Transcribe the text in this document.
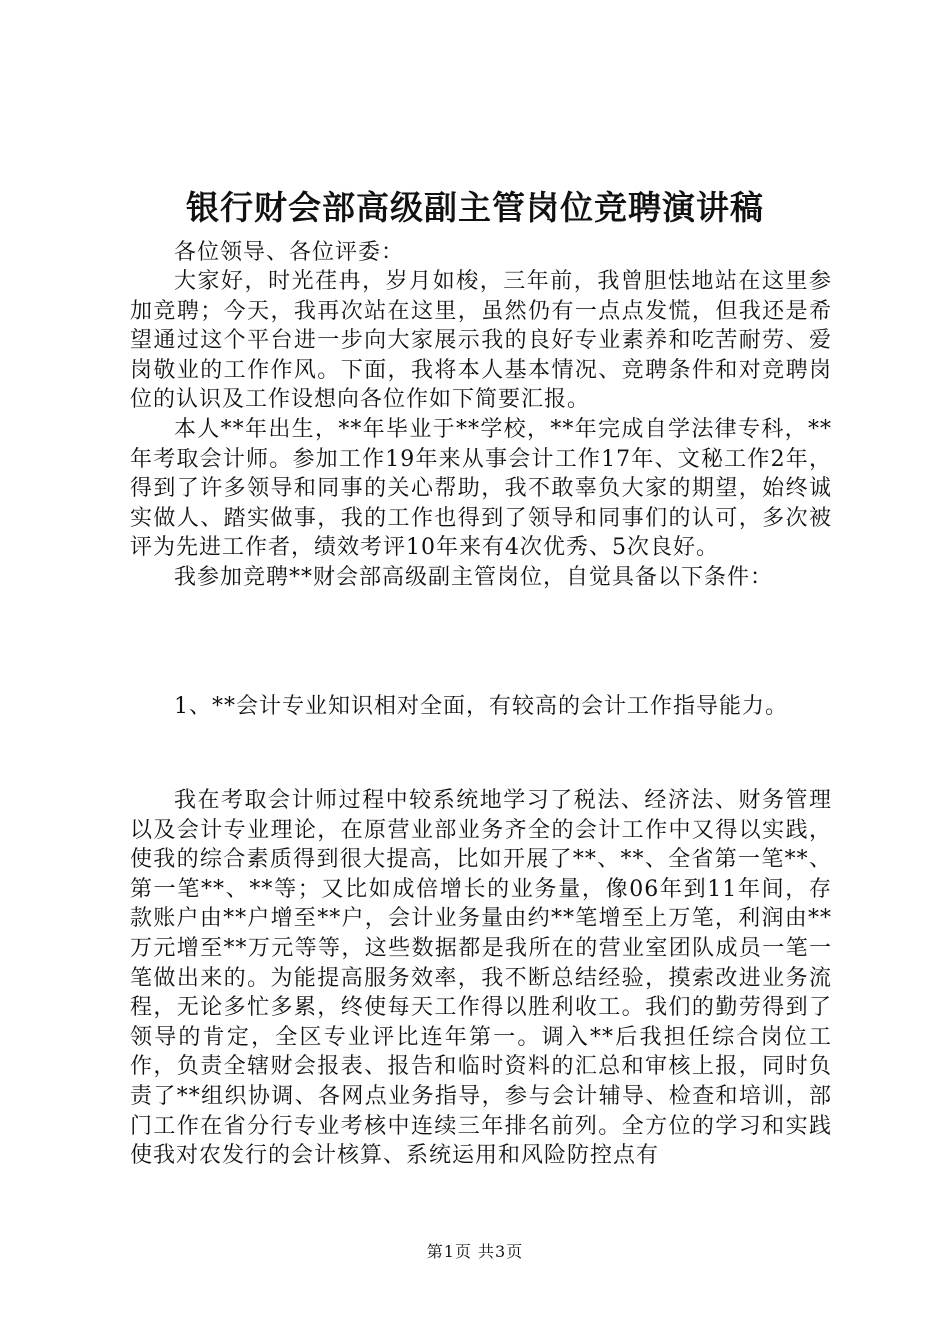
银行财会部高级副主管岗位竞聘演讲稿

各位领导、各位评委：

大家好，时光荏冉，岁月如梭，三年前，我曾胆怯地站在这里参加竞聘；今天，我再次站在这里，虽然仍有一点点发慌，但我还是希望通过这个平台进一步向大家展示我的良好专业素养和吃苦耐劳、爱岗敬业的工作作风。下面，我将本人基本情况、竞聘条件和对竞聘岗位的认识及工作设想向各位作如下简要汇报。

本人**年出生，**年毕业于**学校，**年完成自学法律专科，**年考取会计师。参加工作19年来从事会计工作17年、文秘工作2年，得到了许多领导和同事的关心帮助，我不敢辜负大家的期望，始终诚实做人、踏实做事，我的工作也得到了领导和同事们的认可，多次被评为先进工作者，绩效考评10年来有4次优秀、5次良好。

我参加竞聘**财会部高级副主管岗位，自觉具备以下条件：

1、**会计专业知识相对全面，有较高的会计工作指导能力。

我在考取会计师过程中较系统地学习了税法、经济法、财务管理以及会计专业理论，在原营业部业务齐全的会计工作中又得以实践，使我的综合素质得到很大提高，比如开展了**、**、全省第一笔**、第一笔**、**等；又比如成倍增长的业务量，像06年到11年间，存款账户由**户增至**户，会计业务量由约**笔增至上万笔，利润由**万元增至**万元等等，这些数据都是我所在的营业室团队成员一笔一笔做出来的。为能提高服务效率，我不断总结经验，摸索改进业务流程，无论多忙多累，终使每天工作得以胜利收工。我们的勤劳得到了领导的肯定，全区专业评比连年第一。调入**后我担任综合岗位工作，负责全辖财会报表、报告和临时资料的汇总和审核上报，同时负责了**组织协调、各网点业务指导，参与会计辅导、检查和培训，部门工作在省分行专业考核中连续三年排名前列。全方位的学习和实践使我对农发行的会计核算、系统运用和风险防控点有

第1页 共3页
